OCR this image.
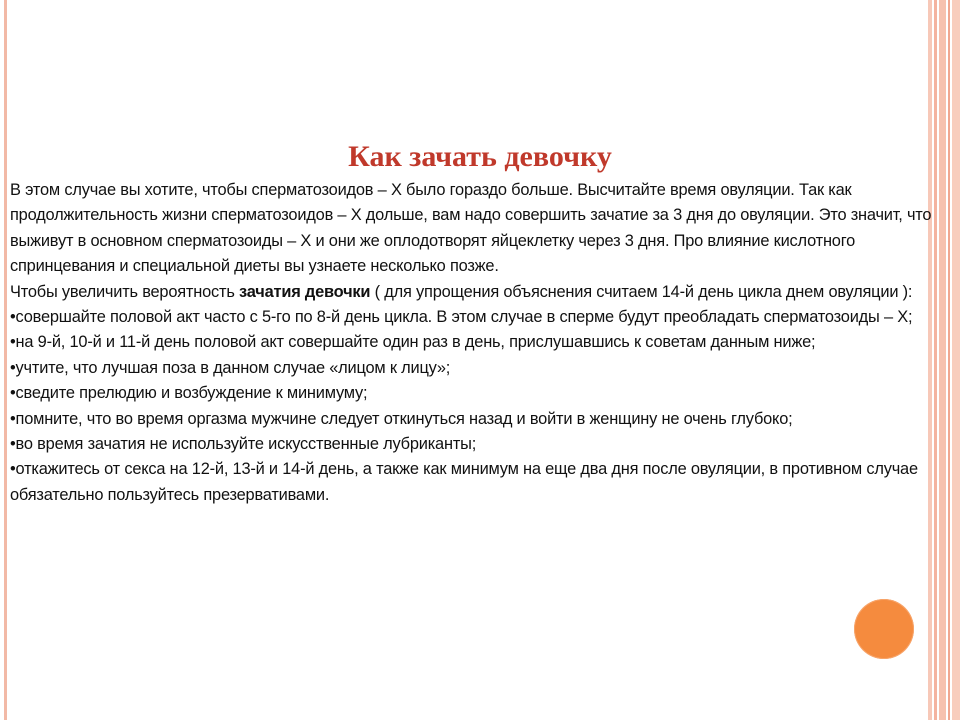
Как зачать девочку

В этом случае вы хотите, чтобы сперматозоидов – Х было гораздо больше. Высчитайте время овуляции. Так как продолжительность жизни сперматозоидов – Х дольше, вам надо совершить зачатие за 3 дня до овуляции. Это значит, что выживут в основном сперматозоиды – Х и они же оплодотворят яйцеклетку через 3 дня. Про влияние кислотного спринцевания и специальной диеты вы узнаете несколько позже.

Чтобы увеличить вероятность зачатия девочки ( для упрощения объяснения считаем 14-й день цикла днем овуляции ):

•совершайте половой акт часто с 5-го по 8-й день цикла. В этом случае в сперме будут преобладать сперматозоиды – Х;

•на 9-й, 10-й и 11-й день половой акт совершайте один раз в день, прислушавшись к советам данным ниже;

•учтите, что лучшая поза в данном случае «лицом к лицу»;

•сведите прелюдию и возбуждение к минимуму;

•помните, что во время оргазма мужчине следует откинуться назад и войти в женщину не очень глубоко;

•во время зачатия не используйте искусственные лубриканты;

•откажитесь от секса на 12-й, 13-й и 14-й день, а также как минимум на еще два дня после овуляции, в противном случае обязательно пользуйтесь презервативами.
